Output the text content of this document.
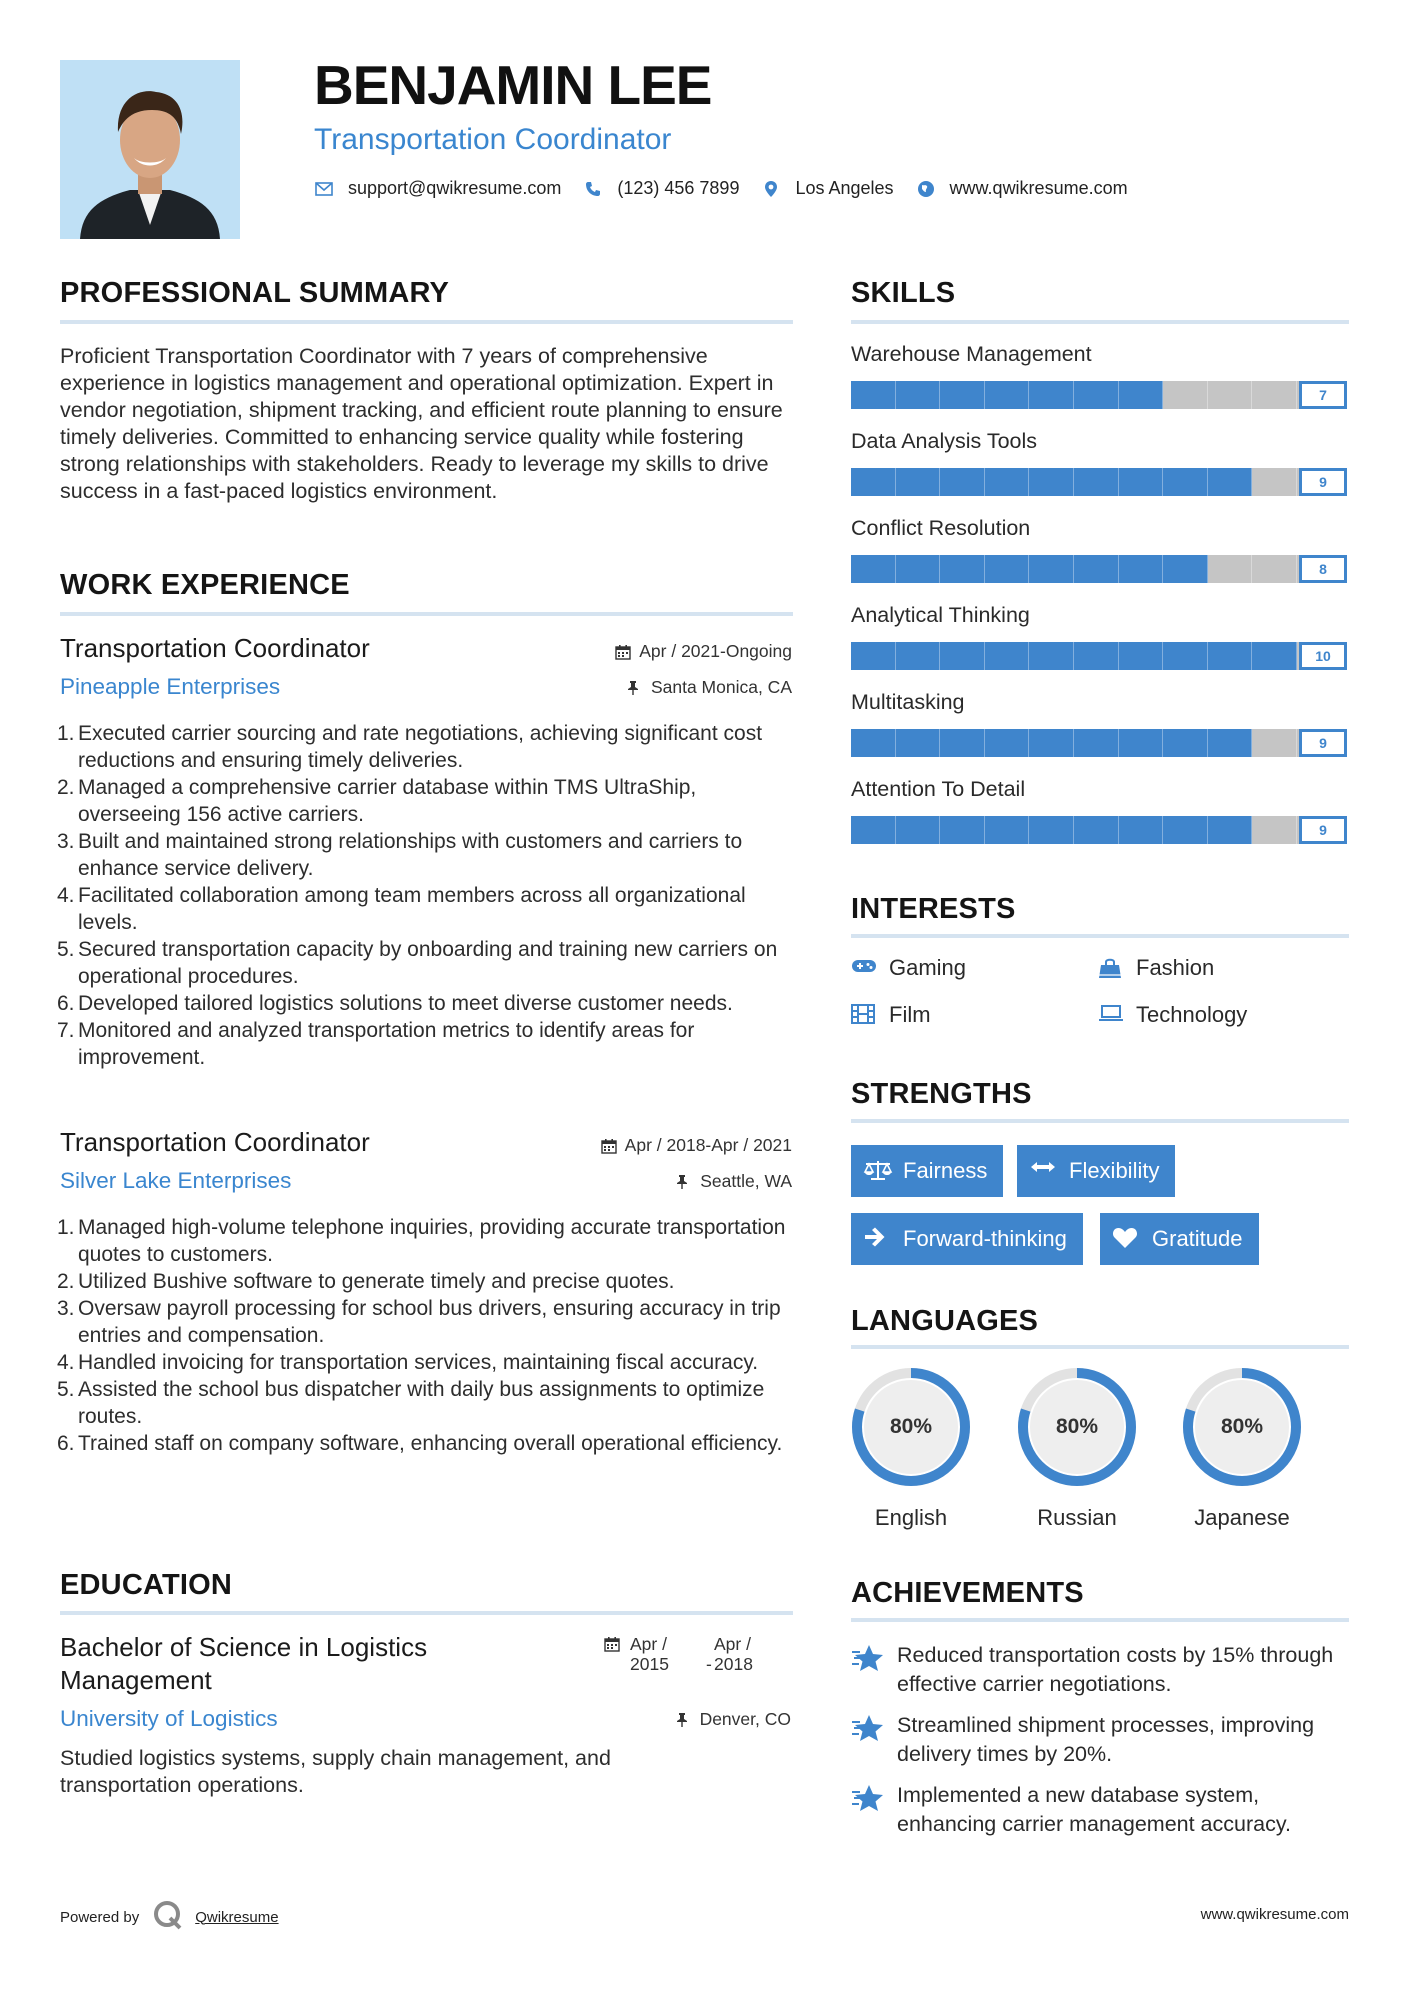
BENJAMIN LEE
Transportation Coordinator
support@qwikresume.com	(123) 456 7899	Los Angeles	www.qwikresume.com
PROFESSIONAL SUMMARY
Proficient Transportation Coordinator with 7 years of comprehensive experience in logistics management and operational optimization. Expert in vendor negotiation, shipment tracking, and efficient route planning to ensure timely deliveries. Committed to enhancing service quality while fostering strong relationships with stakeholders. Ready to leverage my skills to drive success in a fast-paced logistics environment.
WORK EXPERIENCE
Transportation Coordinator
Pineapple Enterprises
Apr / 2021-Ongoing
Santa Monica, CA
1. Executed carrier sourcing and rate negotiations, achieving significant cost reductions and ensuring timely deliveries.
2. Managed a comprehensive carrier database within TMS UltraShip, overseeing 156 active carriers.
3. Built and maintained strong relationships with customers and carriers to enhance service delivery.
4. Facilitated collaboration among team members across all organizational levels.
5. Secured transportation capacity by onboarding and training new carriers on operational procedures.
6. Developed tailored logistics solutions to meet diverse customer needs.
7. Monitored and analyzed transportation metrics to identify areas for improvement.
Transportation Coordinator
Silver Lake Enterprises
Apr / 2018-Apr / 2021
Seattle, WA
1. Managed high-volume telephone inquiries, providing accurate transportation quotes to customers.
2. Utilized Bushive software to generate timely and precise quotes.
3. Oversaw payroll processing for school bus drivers, ensuring accuracy in trip entries and compensation.
4. Handled invoicing for transportation services, maintaining fiscal accuracy.
5. Assisted the school bus dispatcher with daily bus assignments to optimize routes.
6. Trained staff on company software, enhancing overall operational efficiency.
EDUCATION
Bachelor of Science in Logistics Management
University of Logistics
Apr / 2015	-
Apr / 2018
Denver, CO
Studied logistics systems, supply chain management, and transportation operations.
SKILLS
Warehouse Management
7
Data Analysis Tools
9
Conflict Resolution
8
Analytical Thinking
10
Multitasking
9
Attention To Detail
9
INTERESTS
Gaming	Fashion
Film	Technology
STRENGTHS
Fairness	Flexibility
Forward-thinking	Gratitude
LANGUAGES
80%
English
80%
Russian
80%
Japanese
ACHIEVEMENTS
Reduced transportation costs by 15% through effective carrier negotiations.
Streamlined shipment processes, improving delivery times by 20%.
Implemented a new database system, enhancing carrier management accuracy.
Powered by	Qwikresume	www.qwikresume.com
